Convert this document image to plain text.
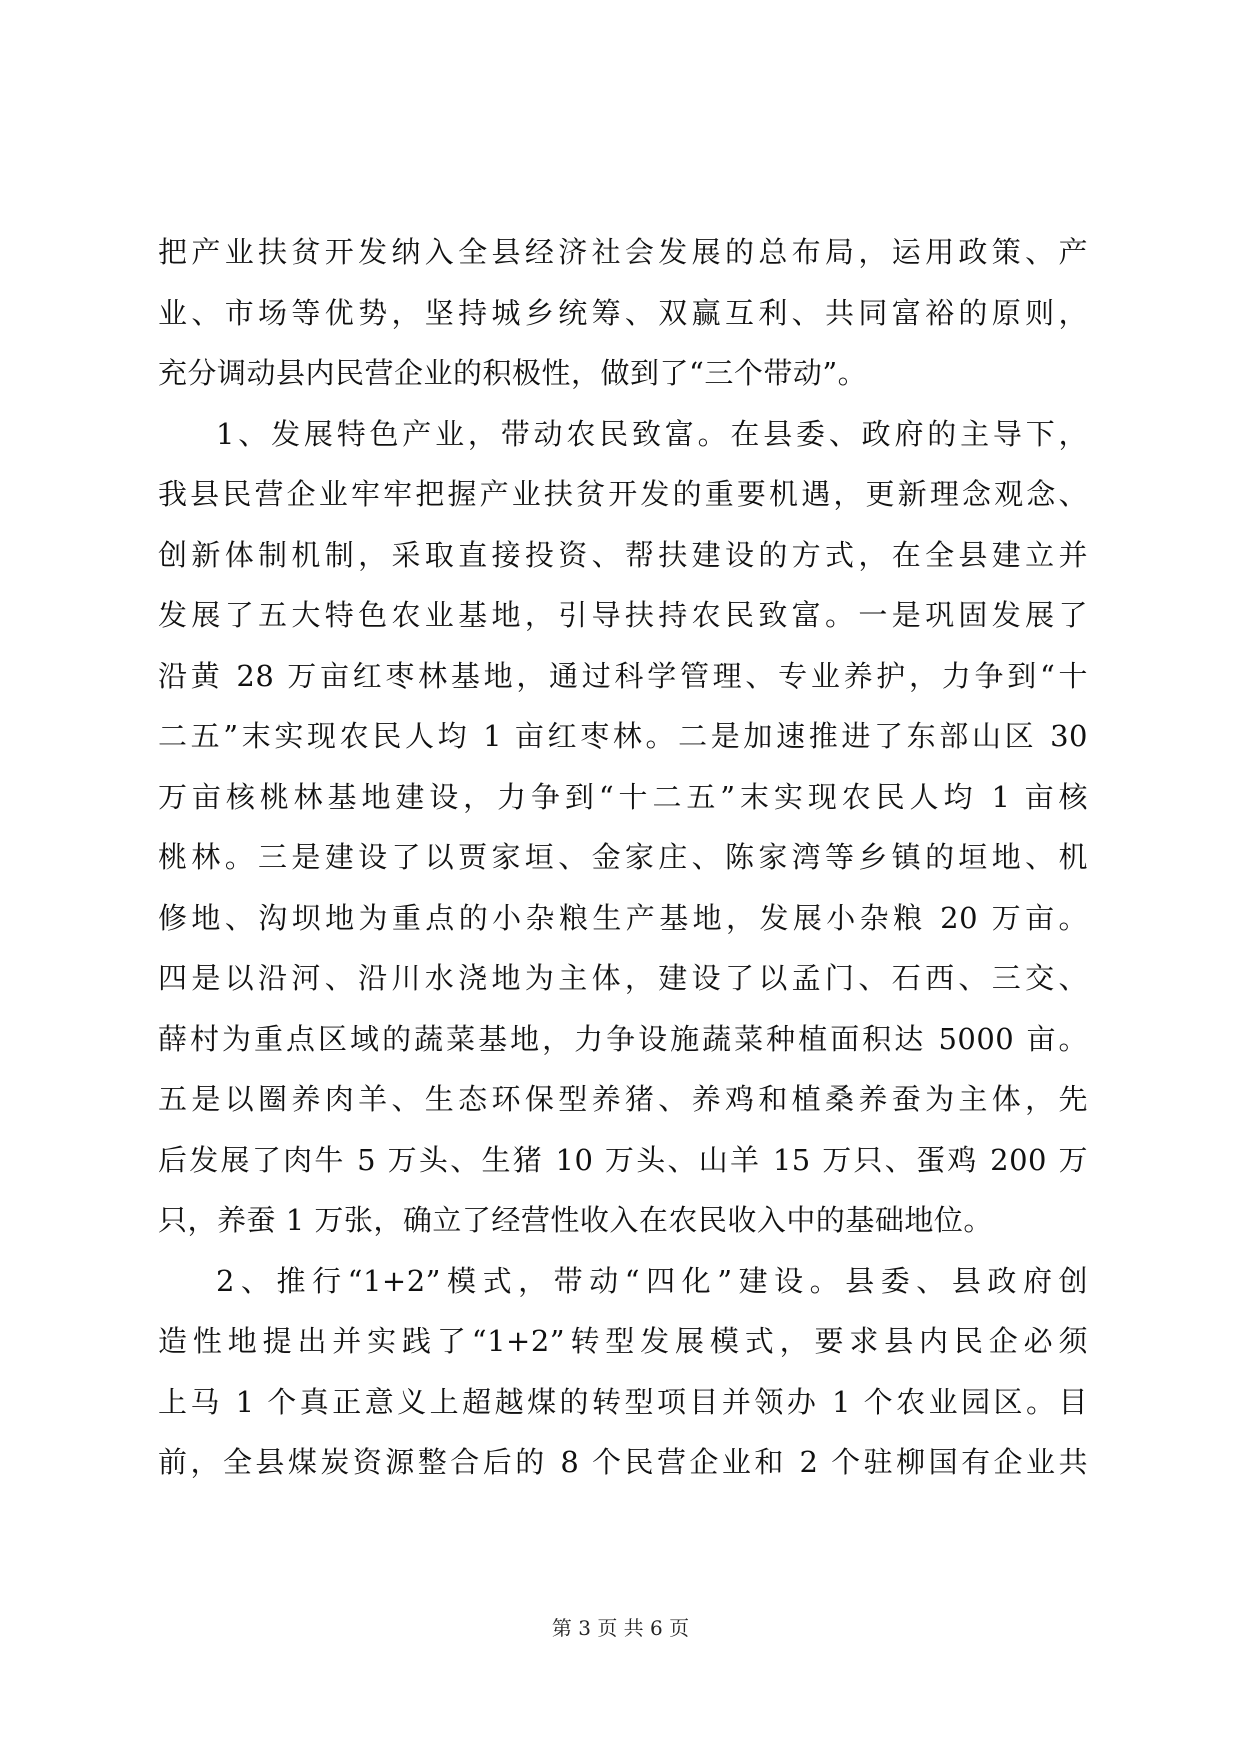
把产业扶贫开发纳入全县经济社会发展的总布局，运用政策、产
业、市场等优势，坚持城乡统筹、双赢互利、共同富裕的原则，
充分调动县内民营企业的积极性，做到了“三个带动”。
1、发展特色产业，带动农民致富。在县委、政府的主导下，
我县民营企业牢牢把握产业扶贫开发的重要机遇，更新理念观念、
创新体制机制，采取直接投资、帮扶建设的方式，在全县建立并
发展了五大特色农业基地，引导扶持农民致富。一是巩固发展了
沿黄 28 万亩红枣林基地，通过科学管理、专业养护，力争到“十
二五”末实现农民人均 1 亩红枣林。二是加速推进了东部山区 30
万亩核桃林基地建设，力争到“十二五”末实现农民人均 1 亩核
桃林。三是建设了以贾家垣、金家庄、陈家湾等乡镇的垣地、机
修地、沟坝地为重点的小杂粮生产基地，发展小杂粮 20 万亩。
四是以沿河、沿川水浇地为主体，建设了以孟门、石西、三交、
薛村为重点区域的蔬菜基地，力争设施蔬菜种植面积达 5000 亩。
五是以圈养肉羊、生态环保型养猪、养鸡和植桑养蚕为主体，先
后发展了肉牛 5 万头、生猪 10 万头、山羊 15 万只、蛋鸡 200 万
只，养蚕 1 万张，确立了经营性收入在农民收入中的基础地位。
2、推行“1+2”模式，带动“四化”建设。县委、县政府创
造性地提出并实践了“1+2”转型发展模式，要求县内民企必须
上马 1 个真正意义上超越煤的转型项目并领办 1 个农业园区。目
前，全县煤炭资源整合后的 8 个民营企业和 2 个驻柳国有企业共
第 3 页 共 6 页
